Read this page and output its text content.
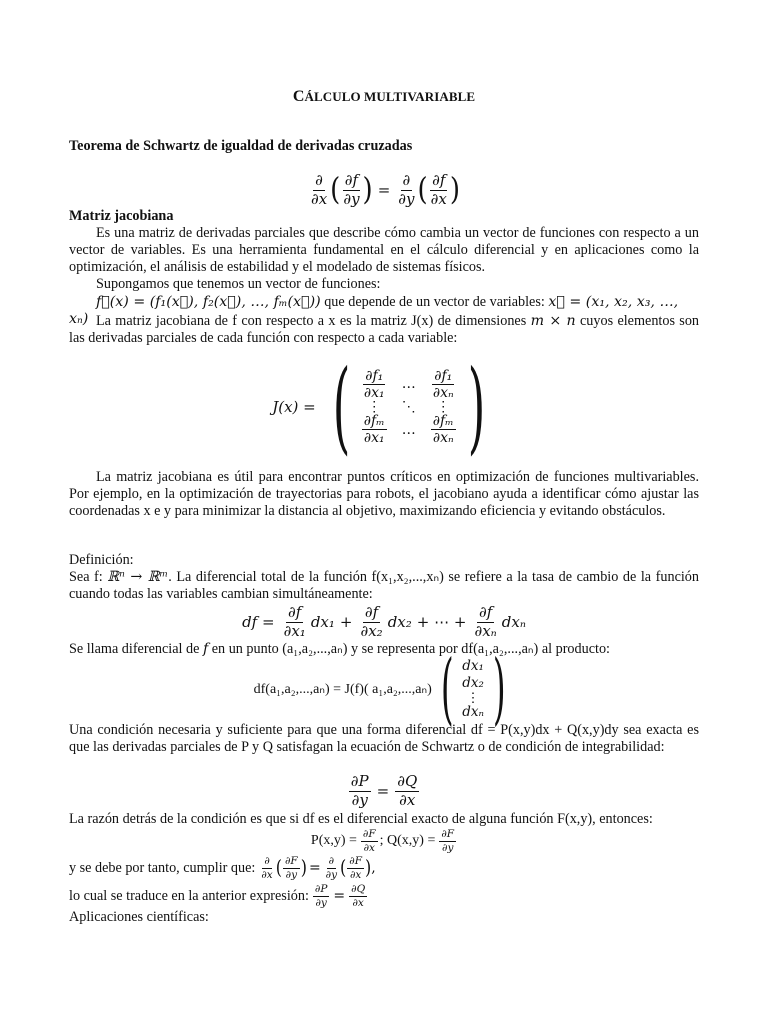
CÁLCULO MULTIVARIABLE
Teorema de Schwartz de igualdad de derivadas cruzadas
$\frac{\partial}{\partial x}$ ( $\frac{\partial f}{\partial y}$ ) = $\frac{\partial}{\partial y}$ ( $\frac{\partial f}{\partial x}$ )
Matriz jacobiana
Es una matriz de derivadas parciales que describe cómo cambia un vector de funciones con respecto a un vector de variables. Es una herramienta fundamental en el cálculo diferencial y en aplicaciones como la optimización, el análisis de estabilidad y el modelado de sistemas físicos.
Supongamos que tenemos un vector de funciones:
f⃗(x) = (f₁(x⃗), f₂(x⃗), …, fₘ(x⃗)) que depende de un vector de variables: x⃗ = (x₁, x₂, x₃, …, xₙ) La matriz jacobiana de f con respecto a x es la matriz J(x) de dimensiones m × n cuyos elementos son las derivadas parciales de cada función con respecto a cada variable:
J(x) = ( $\frac{\text{∂f₁}}{\text{∂x₁}}$ … $\frac{\text{∂f₁}}{\text{∂xₙ}}$
⋮ ⋱ ⋮
$\frac{\text{∂fₘ}}{\text{∂x₁}}$ … $\frac{\text{∂fₘ}}{\text{∂xₙ}}$ )
La matriz jacobiana es útil para encontrar puntos críticos en optimización de funciones multivariables. Por ejemplo, en la optimización de trayectorias para robots, el jacobiano ayuda a identificar cómo ajustar las coordenadas x e y para minimizar la distancia al objetivo, maximizando eficiencia y evitando obstáculos.
Definición:
Sea f: ℝⁿ → ℝᵐ. La diferencial total de la función f(x₁,x₂,...,xₙ) se refiere a la tasa de cambio de la función cuando todas las variables cambian simultáneamente:
df = $\frac{\partial f}{\text{∂x₁}} dx_1 + \frac{\partial f}{\text{∂x₂}} dx_2$ + ⋯ + $\frac{\partial f}{\text{∂xₙ}}$ dxₙ
Se llama diferencial de f en un punto (a₁,a₂,...,aₙ) y se representa por df(a₁,a₂,...,aₙ) al producto:
df(a₁,a₂,...,aₙ) = J(f)( a₁,a₂,...,aₙ) ( dx₁
dx₂
⋮
dxₙ )
Una condición necesaria y suficiente para que una forma diferencial df = P(x,y)dx + Q(x,y)dy sea exacta es que las derivadas parciales de P y Q satisfagan la ecuación de Schwartz o de condición de integrabilidad:
$\frac{\partial P}{\partial y} = \frac{\partial Q}{\partial x}$
La razón detrás de la condición es que si df es el diferencial exacto de alguna función F(x,y), entonces:
$P(x,y) = \frac{\partial F}{\partial x}$ ; $Q(x,y) = \frac{\partial F}{\partial y}$
y se debe por tanto, cumplir que: $\frac{\partial}{\partial x}$ ( $\frac{\partial F}{\partial y}$ ) = $\frac{\partial}{\partial y}$ ( $\frac{\partial F}{\partial x}$ ) ,
lo cual se traduce en la anterior expresión: $\frac{\partial P}{\partial y} = \frac{\partial Q}{\partial x}$
Aplicaciones científicas:
